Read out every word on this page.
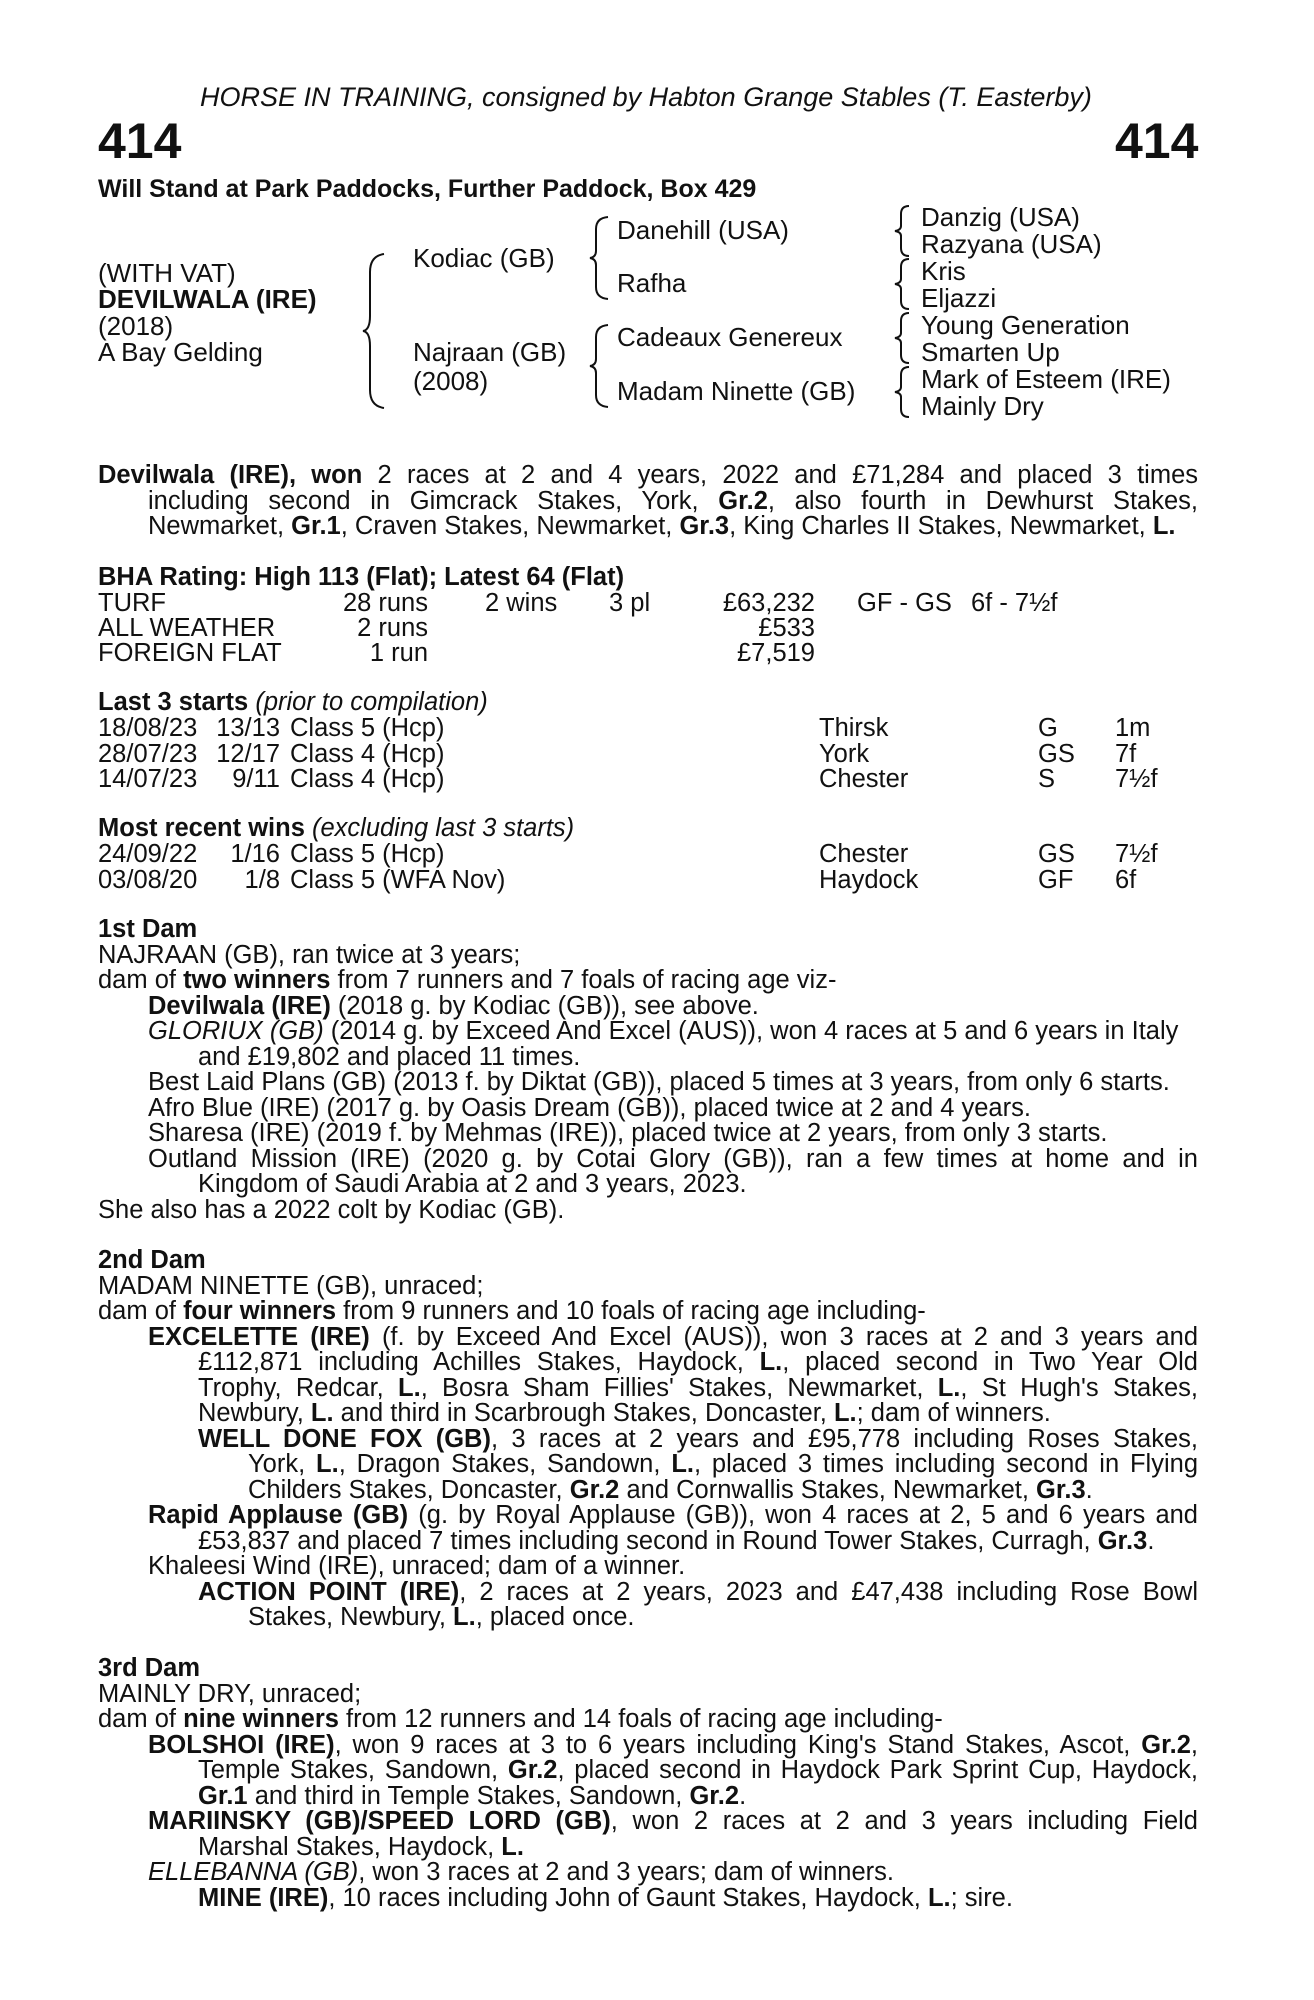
HORSE IN TRAINING, consigned by Habton Grange Stables (T. Easterby)
414	414
Will Stand at Park Paddocks, Further Paddock, Box 429
(WITH VAT)
DEVILWALA (IRE)
(2018)
A Bay Gelding
Kodiac (GB)
Najraan (GB)
(2008)
Danehill (USA)
Rafha
Cadeaux Genereux
Madam Ninette (GB)
Danzig (USA)
Razyana (USA)
Kris
Eljazzi
Young Generation
Smarten Up
Mark of Esteem (IRE)
Mainly Dry
Devilwala (IRE), won 2 races at 2 and 4 years, 2022 and £71,284 and placed 3 times
including second in Gimcrack Stakes, York, Gr.2, also fourth in Dewhurst Stakes,
Newmarket, Gr.1, Craven Stakes, Newmarket, Gr.3, King Charles II Stakes, Newmarket, L.
BHA Rating: High 113 (Flat); Latest 64 (Flat)
TURF	28 runs 2 wins 3 pl	£63,232 GF - GS 6f - 7½f
ALL WEATHER	2 runs	£533
FOREIGN FLAT	1 run	£7,519
Last 3 starts (prior to compilation)
18/08/23 13/13 Class 5 (Hcp)	Thirsk	G 1m
28/07/23 12/17 Class 4 (Hcp)	York	GS 7f
14/07/23	9/11 Class 4 (Hcp)	Chester	S 7½f
Most recent wins (excluding last 3 starts)
24/09/22	1/16 Class 5 (Hcp)	Chester	GS 7½f
03/08/20	1/8 Class 5 (WFA Nov)	Haydock	GF 6f
1st Dam
NAJRAAN (GB), ran twice at 3 years;
dam of two winners from 7 runners and 7 foals of racing age viz-
Devilwala (IRE) (2018 g. by Kodiac (GB)), see above.
GLORIUX (GB) (2014 g. by Exceed And Excel (AUS)), won 4 races at 5 and 6 years in Italy
and £19,802 and placed 11 times.
Best Laid Plans (GB) (2013 f. by Diktat (GB)), placed 5 times at 3 years, from only 6 starts.
Afro Blue (IRE) (2017 g. by Oasis Dream (GB)), placed twice at 2 and 4 years.
Sharesa (IRE) (2019 f. by Mehmas (IRE)), placed twice at 2 years, from only 3 starts.
Outland Mission (IRE) (2020 g. by Cotai Glory (GB)), ran a few times at home and in
Kingdom of Saudi Arabia at 2 and 3 years, 2023.
She also has a 2022 colt by Kodiac (GB).
2nd Dam
MADAM NINETTE (GB), unraced;
dam of four winners from 9 runners and 10 foals of racing age including-
EXCELETTE (IRE) (f. by Exceed And Excel (AUS)), won 3 races at 2 and 3 years and
£112,871 including Achilles Stakes, Haydock, L., placed second in Two Year Old
Trophy, Redcar, L., Bosra Sham Fillies' Stakes, Newmarket, L., St Hugh's Stakes,
Newbury, L. and third in Scarbrough Stakes, Doncaster, L.; dam of winners.
WELL DONE FOX (GB), 3 races at 2 years and £95,778 including Roses Stakes,
York, L., Dragon Stakes, Sandown, L., placed 3 times including second in Flying
Childers Stakes, Doncaster, Gr.2 and Cornwallis Stakes, Newmarket, Gr.3.
Rapid Applause (GB) (g. by Royal Applause (GB)), won 4 races at 2, 5 and 6 years and
£53,837 and placed 7 times including second in Round Tower Stakes, Curragh, Gr.3.
Khaleesi Wind (IRE), unraced; dam of a winner.
ACTION POINT (IRE), 2 races at 2 years, 2023 and £47,438 including Rose Bowl
Stakes, Newbury, L., placed once.
3rd Dam
MAINLY DRY, unraced;
dam of nine winners from 12 runners and 14 foals of racing age including-
BOLSHOI (IRE), won 9 races at 3 to 6 years including King's Stand Stakes, Ascot, Gr.2,
Temple Stakes, Sandown, Gr.2, placed second in Haydock Park Sprint Cup, Haydock,
Gr.1 and third in Temple Stakes, Sandown, Gr.2.
MARIINSKY (GB)/SPEED LORD (GB), won 2 races at 2 and 3 years including Field
Marshal Stakes, Haydock, L.
ELLEBANNA (GB), won 3 races at 2 and 3 years; dam of winners.
MINE (IRE), 10 races including John of Gaunt Stakes, Haydock, L.; sire.
